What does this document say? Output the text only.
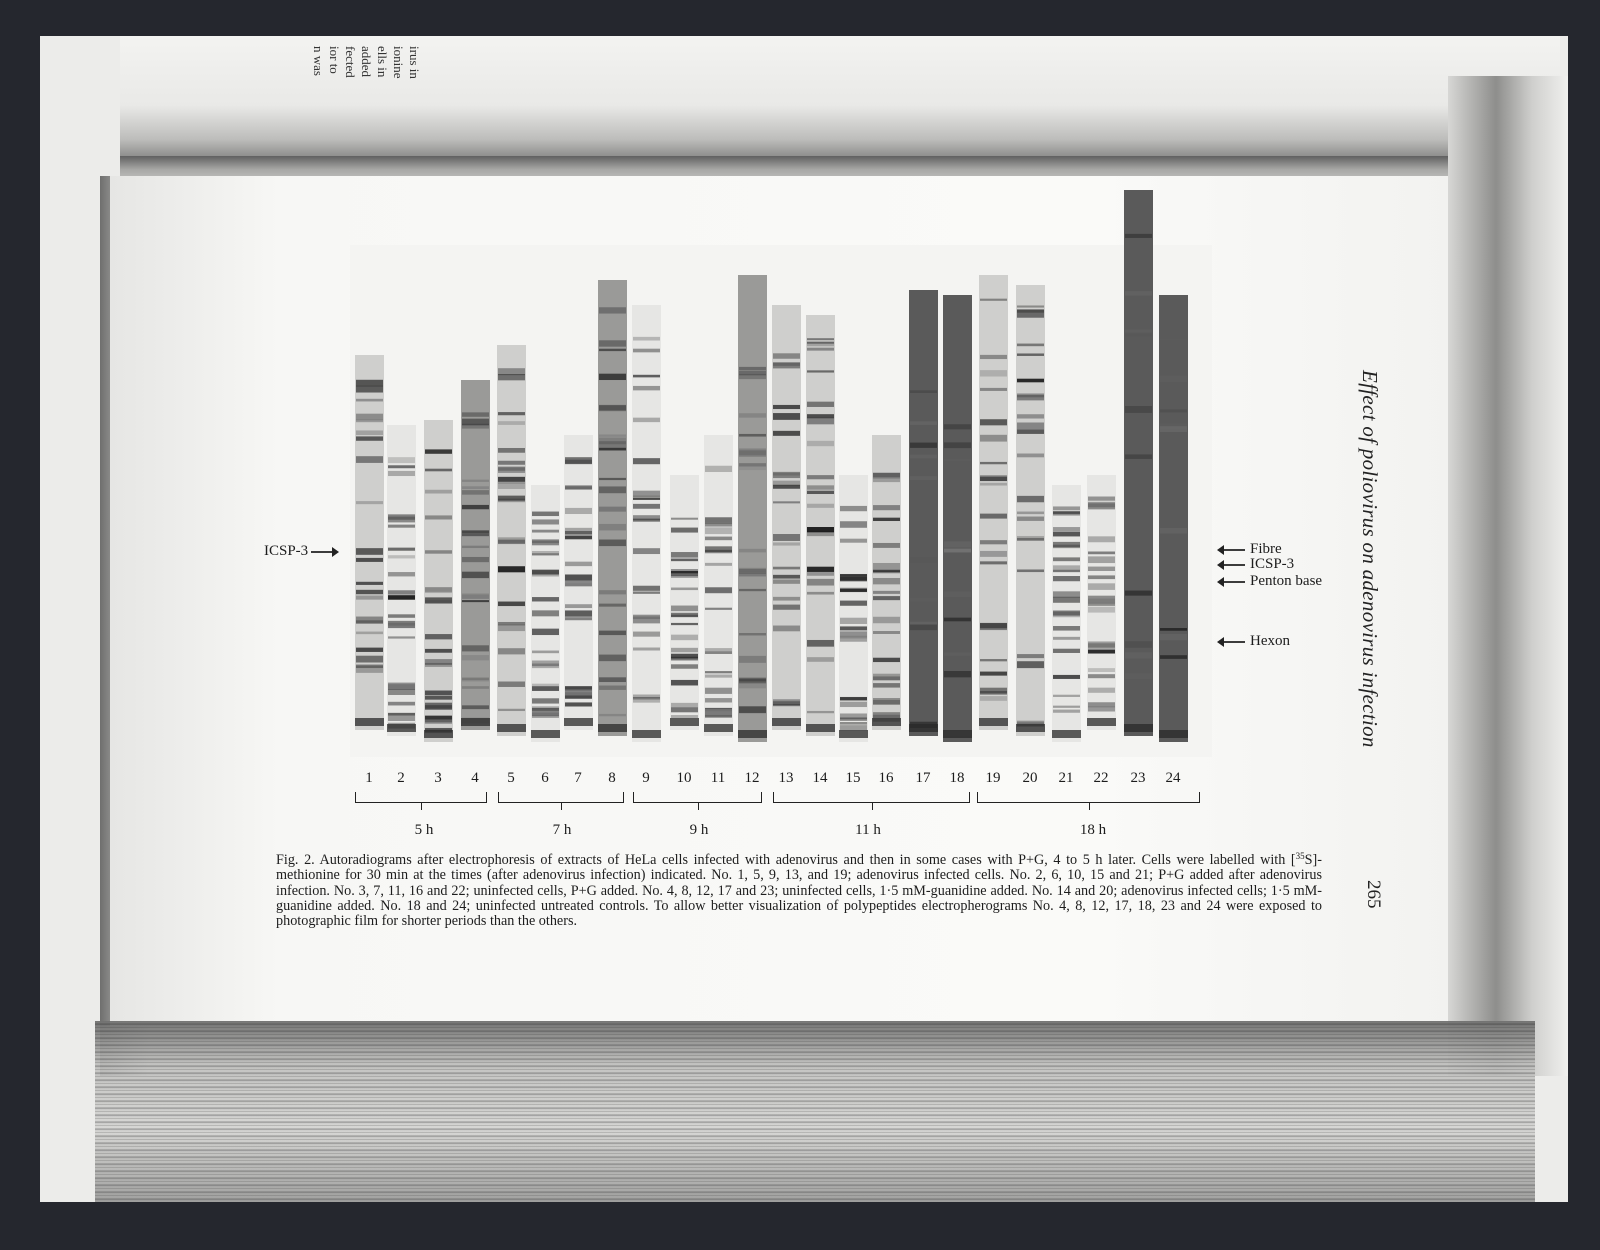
irus in
ionine
ells in
added
fected
ior to
n was
Effect of poliovirus on adenovirus infection
265
1	2	3	4	5	6	7	8	9	10	11	12	13	14	15	16	17	18	19	20	21	22	23	24
5 h	7 h	9 h	11 h	18 h
ICSP-3	Fibre
ICSP-3
Penton base
Hexon
Fig. 2. Autoradiograms after electrophoresis of extracts of HeLa cells infected with adenovirus and then in some cases with P+G, 4 to 5 h later. Cells were labelled with [$^{35}$S]-methionine for 30 min at the times (after adenovirus infection) indicated. No. 1, 5, 9, 13, and 19; adenovirus infected cells. No. 2, 6, 10, 15 and 21; P+G added after adenovirus infection. No. 3, 7, 11, 16 and 22; uninfected cells, P+G added. No. 4, 8, 12, 17 and 23; uninfected cells, 1·5 mM-guanidine added. No. 14 and 20; adenovirus infected cells; 1·5 mM-guanidine added. No. 18 and 24; uninfected untreated controls. To allow better visualization of polypeptides electropherograms No. 4, 8, 12, 17, 18, 23 and 24 were exposed to photographic film for shorter periods than the others.
